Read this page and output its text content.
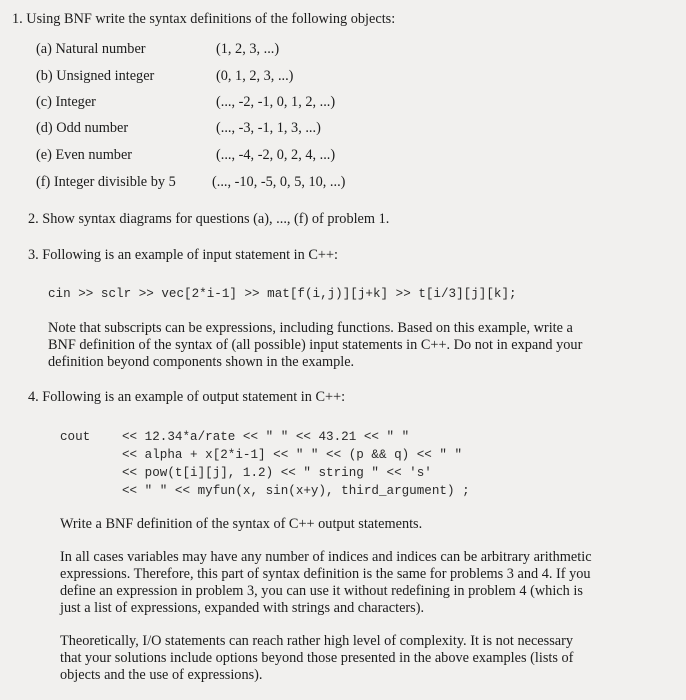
1. Using BNF write the syntax definitions of the following objects:
(a) Natural number	(1, 2, 3, ...)
(b) Unsigned integer	(0, 1, 2, 3, ...)
(c) Integer	(..., -2, -1, 0, 1, 2, ...)
(d) Odd number	(..., -3, -1, 1, 3, ...)
(e) Even number	(..., -4, -2, 0, 2, 4, ...)
(f) Integer divisible by 5	(..., -10, -5, 0, 5, 10, ...)
2. Show syntax diagrams for questions (a), ..., (f) of problem 1.
3. Following is an example of input statement in C++:
cin >> sclr >> vec[2*i-1] >> mat[f(i,j)][j+k] >> t[i/3][j][k];
Note that subscripts can be expressions, including functions. Based on this example, write a
BNF definition of the syntax of (all possible) input statements in C++. Do not in expand your
definition beyond components shown in the example.
4. Following is an example of output statement in C++:
cout	<< 12.34*a/rate << " " << 43.21 << " "
<< alpha + x[2*i-1] << " " << (p && q) << " "
<< pow(t[i][j], 1.2) << " string " << 's'
<< " " << myfun(x, sin(x+y), third_argument) ;
Write a BNF definition of the syntax of C++ output statements.
In all cases variables may have any number of indices and indices can be arbitrary arithmetic
expressions. Therefore, this part of syntax definition is the same for problems 3 and 4. If you
define an expression in problem 3, you can use it without redefining in problem 4 (which is
just a list of expressions, expanded with strings and characters).
Theoretically, I/O statements can reach rather high level of complexity. It is not necessary
that your solutions include options beyond those presented in the above examples (lists of
objects and the use of expressions).
